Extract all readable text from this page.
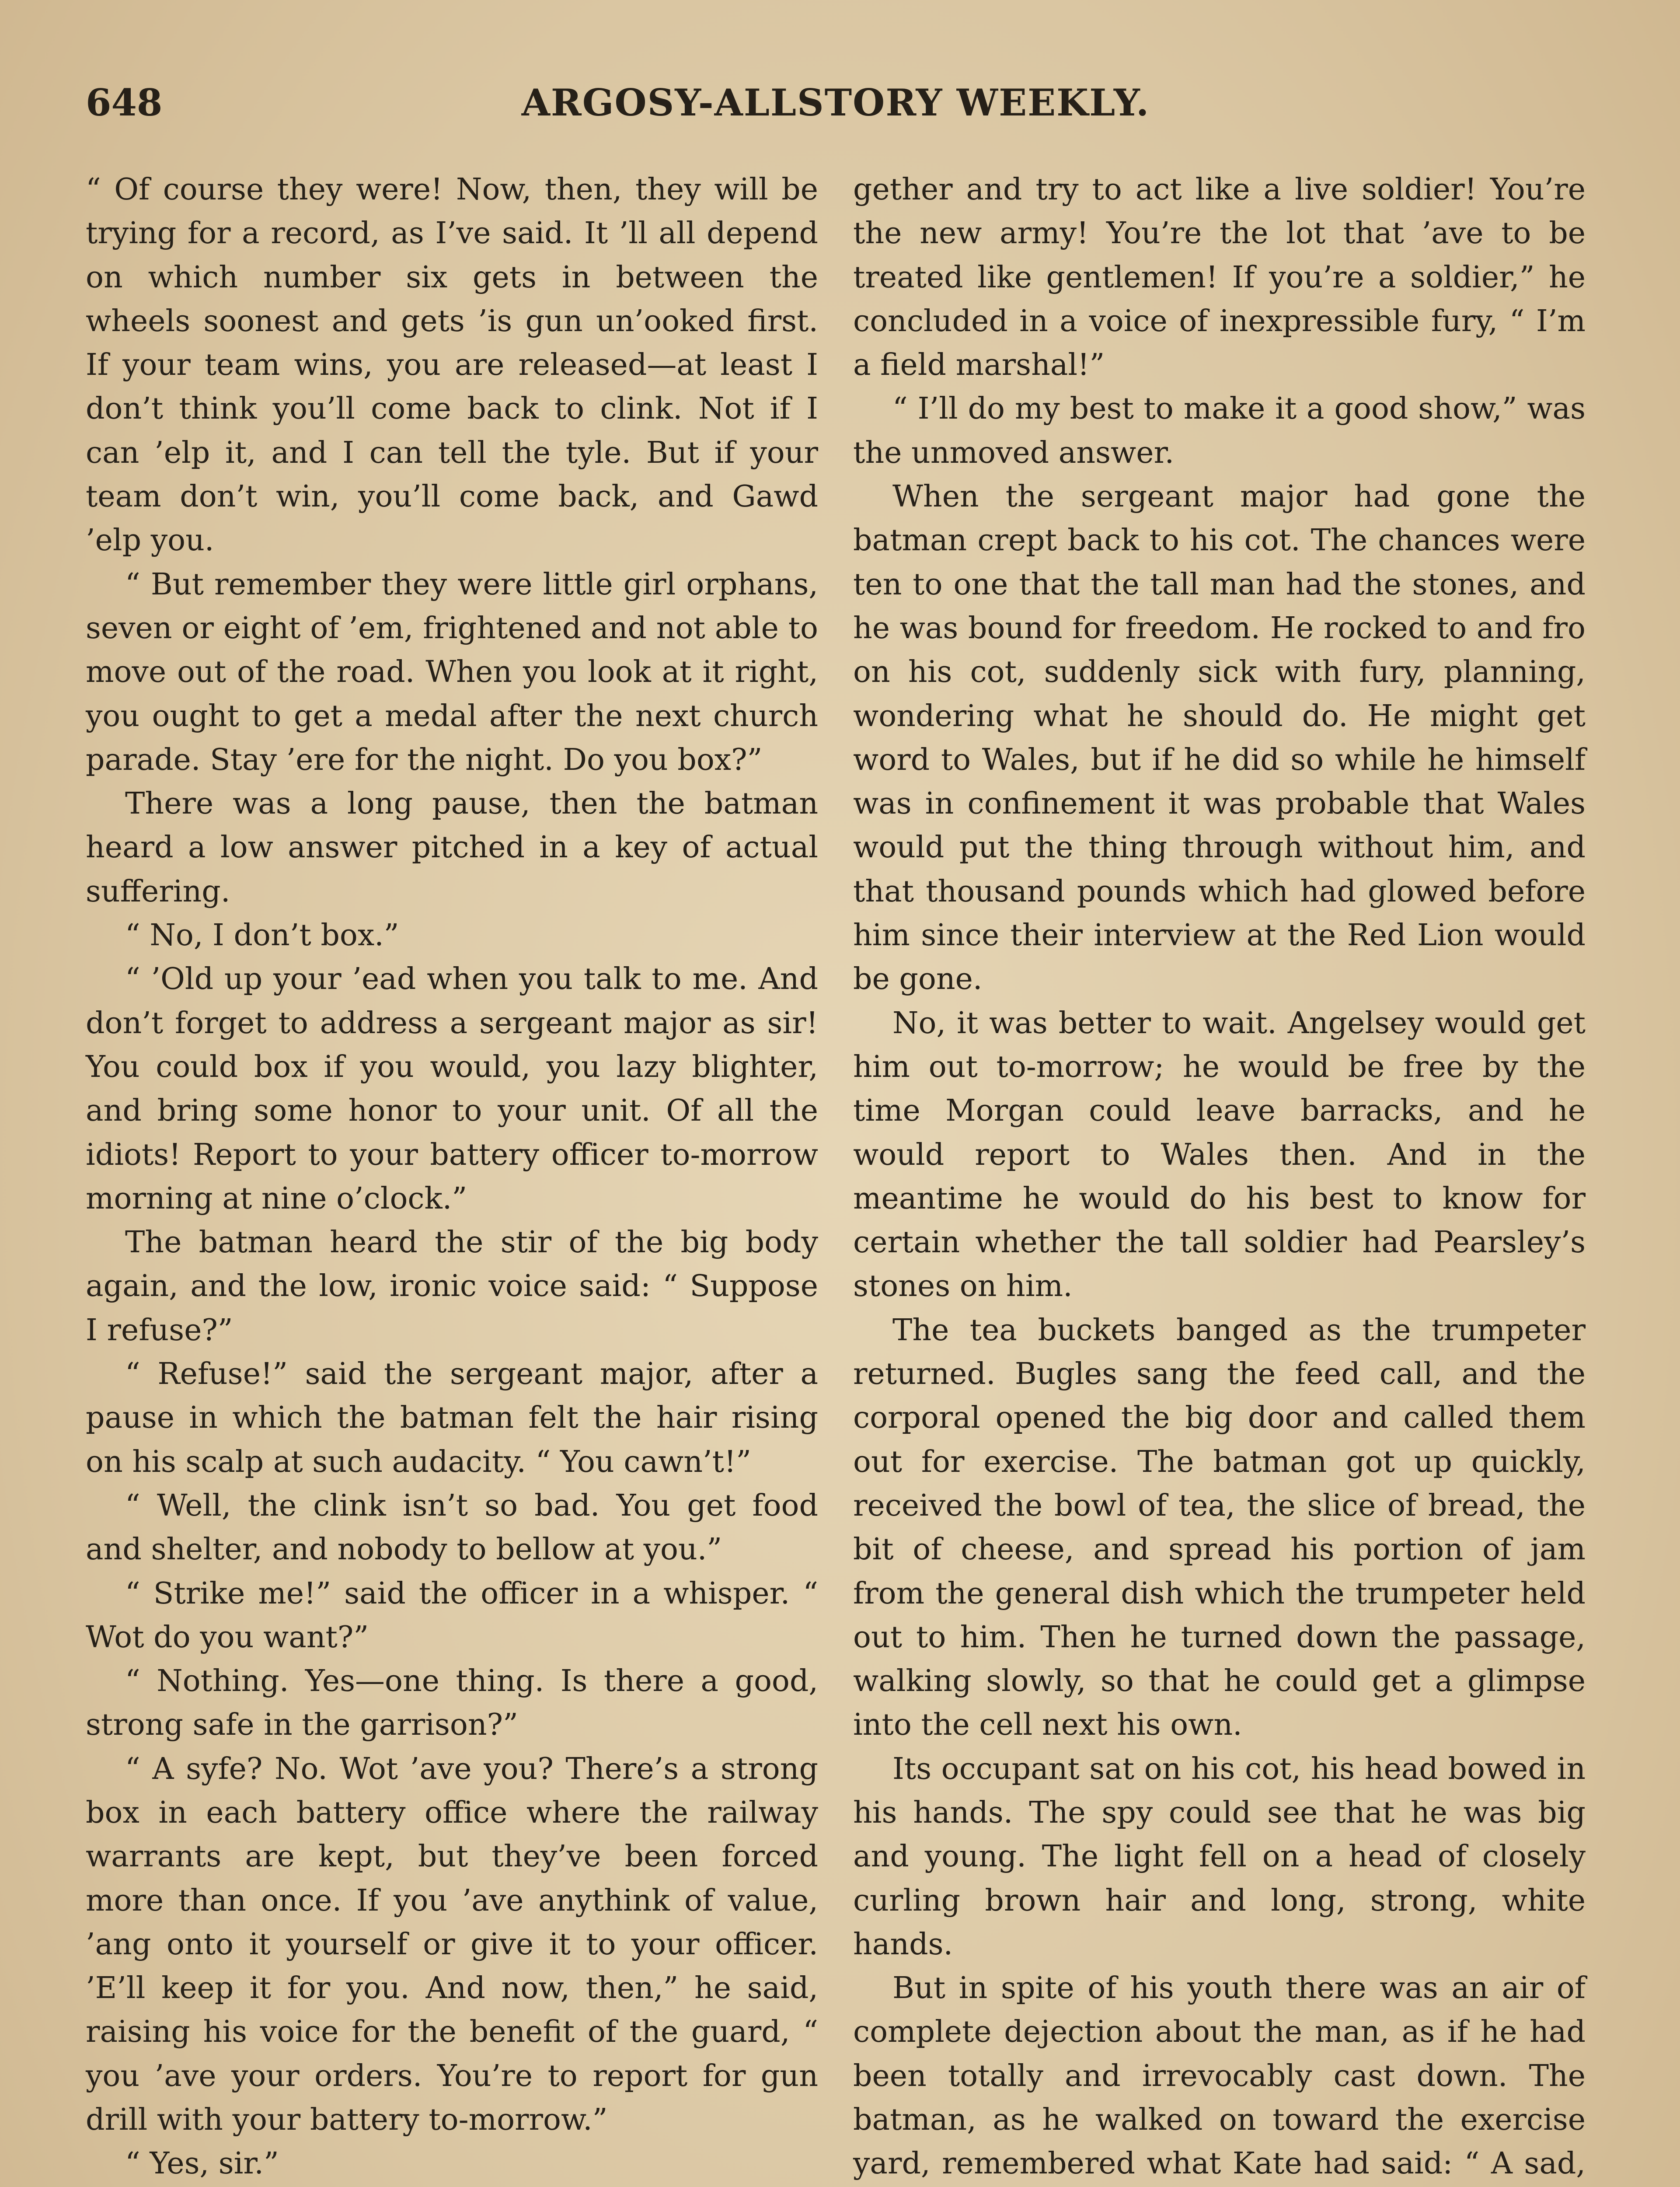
648	ARGOSY-ALLSTORY WEEKLY.

“ Of course they were! Now, then, they will be trying for a record, as I’ve said. It ’ll all depend on which number six gets in between the wheels soonest and gets ’is gun un’ooked first. If your team wins, you are released—at least I don’t think you’ll come back to clink. Not if I can ’elp it, and I can tell the tyle. But if your team don’t win, you’ll come back, and Gawd ’elp you.

“ But remember they were little girl orphans, seven or eight of ’em, frightened and not able to move out of the road. When you look at it right, you ought to get a medal after the next church parade. Stay ’ere for the night. Do you box?”

There was a long pause, then the batman heard a low answer pitched in a key of actual suffering.

“ No, I don’t box.”

“ ’Old up your ’ead when you talk to me. And don’t forget to address a sergeant major as sir! You could box if you would, you lazy blighter, and bring some honor to your unit. Of all the idiots! Report to your battery officer to-morrow morning at nine o’clock.”

The batman heard the stir of the big body again, and the low, ironic voice said: “ Suppose I refuse?”

“ Refuse!” said the sergeant major, after a pause in which the batman felt the hair rising on his scalp at such audacity. “ You cawn’t!”

“ Well, the clink isn’t so bad. You get food and shelter, and nobody to bellow at you.”

“ Strike me!” said the officer in a whisper. “ Wot do you want?”

“ Nothing. Yes—one thing. Is there a good, strong safe in the garrison?”

“ A syfe? No. Wot ’ave you? There’s a strong box in each battery office where the railway warrants are kept, but they’ve been forced more than once. If you ’ave anythink of value, ’ang onto it yourself or give it to your officer. ’E’ll keep it for you. And now, then,” he said, raising his voice for the benefit of the guard, “ you ’ave your orders. You’re to report for gun drill with your battery to-morrow.”

“ Yes, sir.”

gether and try to act like a live soldier! You’re the new army! You’re the lot that ’ave to be treated like gentlemen! If you’re a soldier,” he concluded in a voice of inexpressible fury, “ I’m a field marshal!”

“ I’ll do my best to make it a good show,” was the unmoved answer.

When the sergeant major had gone the batman crept back to his cot. The chances were ten to one that the tall man had the stones, and he was bound for freedom. He rocked to and fro on his cot, suddenly sick with fury, planning, wondering what he should do. He might get word to Wales, but if he did so while he himself was in confinement it was probable that Wales would put the thing through without him, and that thousand pounds which had glowed before him since their interview at the Red Lion would be gone.

No, it was better to wait. Angelsey would get him out to-morrow; he would be free by the time Morgan could leave barracks, and he would report to Wales then. And in the meantime he would do his best to know for certain whether the tall soldier had Pearsley’s stones on him.

The tea buckets banged as the trumpeter returned. Bugles sang the feed call, and the corporal opened the big door and called them out for exercise. The batman got up quickly, received the bowl of tea, the slice of bread, the bit of cheese, and spread his portion of jam from the general dish which the trumpeter held out to him. Then he turned down the passage, walking slowly, so that he could get a glimpse into the cell next his own.

Its occupant sat on his cot, his head bowed in his hands. The spy could see that he was big and young. The light fell on a head of closely curling brown hair and long, strong, white hands.

But in spite of his youth there was an air of complete dejection about the man, as if he had been totally and irrevocably cast down. The batman, as he walked on toward the exercise yard, remembered what Kate had said: “ A sad,
